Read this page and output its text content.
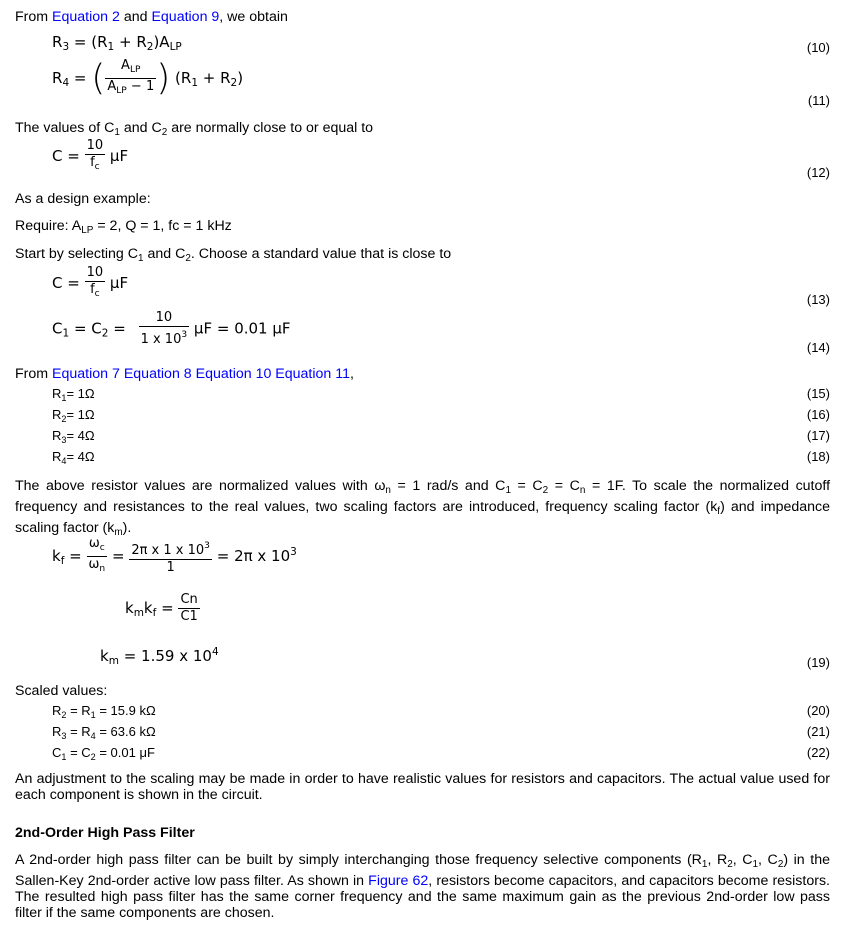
From Equation 2 and Equation 9, we obtain
$R_3 = (R_1 + R_2)A_{LP}$	(10)
$R_4$ = ( $\frac{A_{LP}}{A_{LP} - 1}$ ) $(R_1 + R_2)$
(11)
The values of $C_1$ and $C_2$ are normally close to or equal to
$C = \frac{10}{f_c}$ μF
(12)
As a design example:
Require: $A_{LP} = 2$, Q = 1, fc = 1 kHz
Start by selecting $C_1$ and $C_2$. Choose a standard value that is close to
$C = \frac{10}{f_c}$ μF
(13)
$C_1 = C_2 = \frac{10}{1 x 10^3}$ μF = 0.01 μF
(14)
From Equation 7 Equation 8 Equation 10 Equation 11,
$R_1= 1\Omega$	(15)
$R_2= 1\Omega$	(16)
$R_3= 4\Omega$	(17)
$R_4= 4\Omega$	(18)
The above resistor values are normalized values with $\omega_n = 1$ rad/s and $C_1 = C_2 = C_n = 1F$. To scale the normalized cutoff frequency and resistances to the real values, two scaling factors are introduced, frequency scaling factor $(k_f)$ and impedance scaling factor $(k_m)$.
$k_f = \frac{\omega_c}{\omega_n} = \frac{2\pi x 1 x 10^3}{1} = 2\pi$ x $10^3$
$k_mk_f = \frac{Cn}{C1}$
$k_m = 1.59$ x $10^4$
(19)
Scaled values:
$R_2 = R_1 = 15.9$ kΩ	(20)
$R_3 = R_4 = 63.6$ kΩ	(21)
$C_1 = C_2 = 0.01$ μF	(22)
An adjustment to the scaling may be made in order to have realistic values for resistors and capacitors. The actual value used for each component is shown in the circuit.
2nd-Order High Pass Filter
A 2nd-order high pass filter can be built by simply interchanging those frequency selective components ($R_1$, $R_2$, $C_1$, $C_2$) in the Sallen-Key 2nd-order active low pass filter. As shown in Figure 62, resistors become capacitors, and capacitors become resistors. The resulted high pass filter has the same corner frequency and the same maximum gain as the previous 2nd-order low pass filter if the same components are chosen.
